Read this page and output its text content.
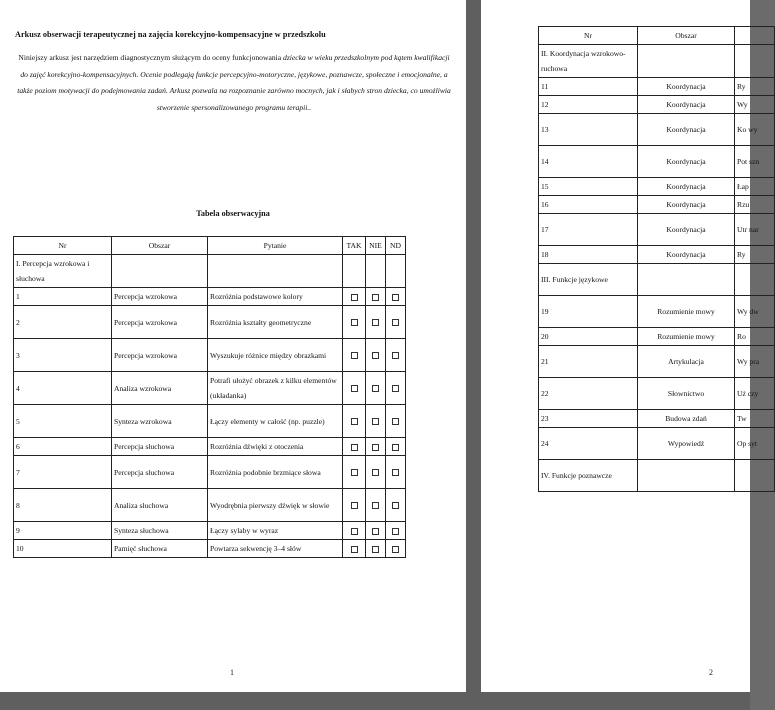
Arkusz obserwacji terapeutycznej na zajęcia korekcyjno-kompensacyjne w przedszkolu
Niniejszy arkusz jest narzędziem diagnostycznym służącym do oceny funkcjonowania dziecka w wieku przedszkolnym pod kątem kwalifikacji do zajęć korekcyjno-kompensacyjnych. Ocenie podlegają funkcje percepcyjno-motoryczne, językowe, poznawcze, społeczne i emocjonalne, a także poziom motywacji do podejmowania zadań. Arkusz pozwala na rozpoznanie zarówno mocnych, jak i słabych stron dziecka, co umożliwia stworzenie spersonalizowanego programu terapii..
Tabela obserwacyjna
Nr	Obszar	Pytanie	TAK	NIE	ND
I. Percepcja wzrokowa i słuchowa					
1	Percepcja wzrokowa	Rozróżnia podstawowe kolory			
2	Percepcja wzrokowa	Rozróżnia kształty geometryczne			
3	Percepcja wzrokowa	Wyszukuje różnice między obrazkami			
4	Analiza wzrokowa	Potrafi ułożyć obrazek z kilku elementów (układanka)			
5	Synteza wzrokowa	Łączy elementy w całość (np. puzzle)			
6	Percepcja słuchowa	Rozróżnia dźwięki z otoczenia			
7	Percepcja słuchowa	Rozróżnia podobnie brzmiące słowa			
8	Analiza słuchowa	Wyodrębnia pierwszy dźwięk w słowie			
9	Synteza słuchowa	Łączy sylaby w wyraz			
10	Pamięć słuchowa	Powtarza sekwencję 3–4 słów			
1	2
Nr	Obszar	
II. Koordynacja wzrokowo-ruchowa		
11	Koordynacja	Ry
12	Koordynacja	Wy
13	Koordynacja	Ko wy
14	Koordynacja	Pot szn
15	Koordynacja	Łap
16	Koordynacja	Rzu
17	Koordynacja	Utr nar
18	Koordynacja	Ry
III. Funkcje językowe		
19	Rozumienie mowy	Wy dw
20	Rozumienie mowy	Ro
21	Artykulacja	Wy pra
22	Słownictwo	Uż czy
23	Budowa zdań	Tw
24	Wypowiedź	Op syt
IV. Funkcje poznawcze		
